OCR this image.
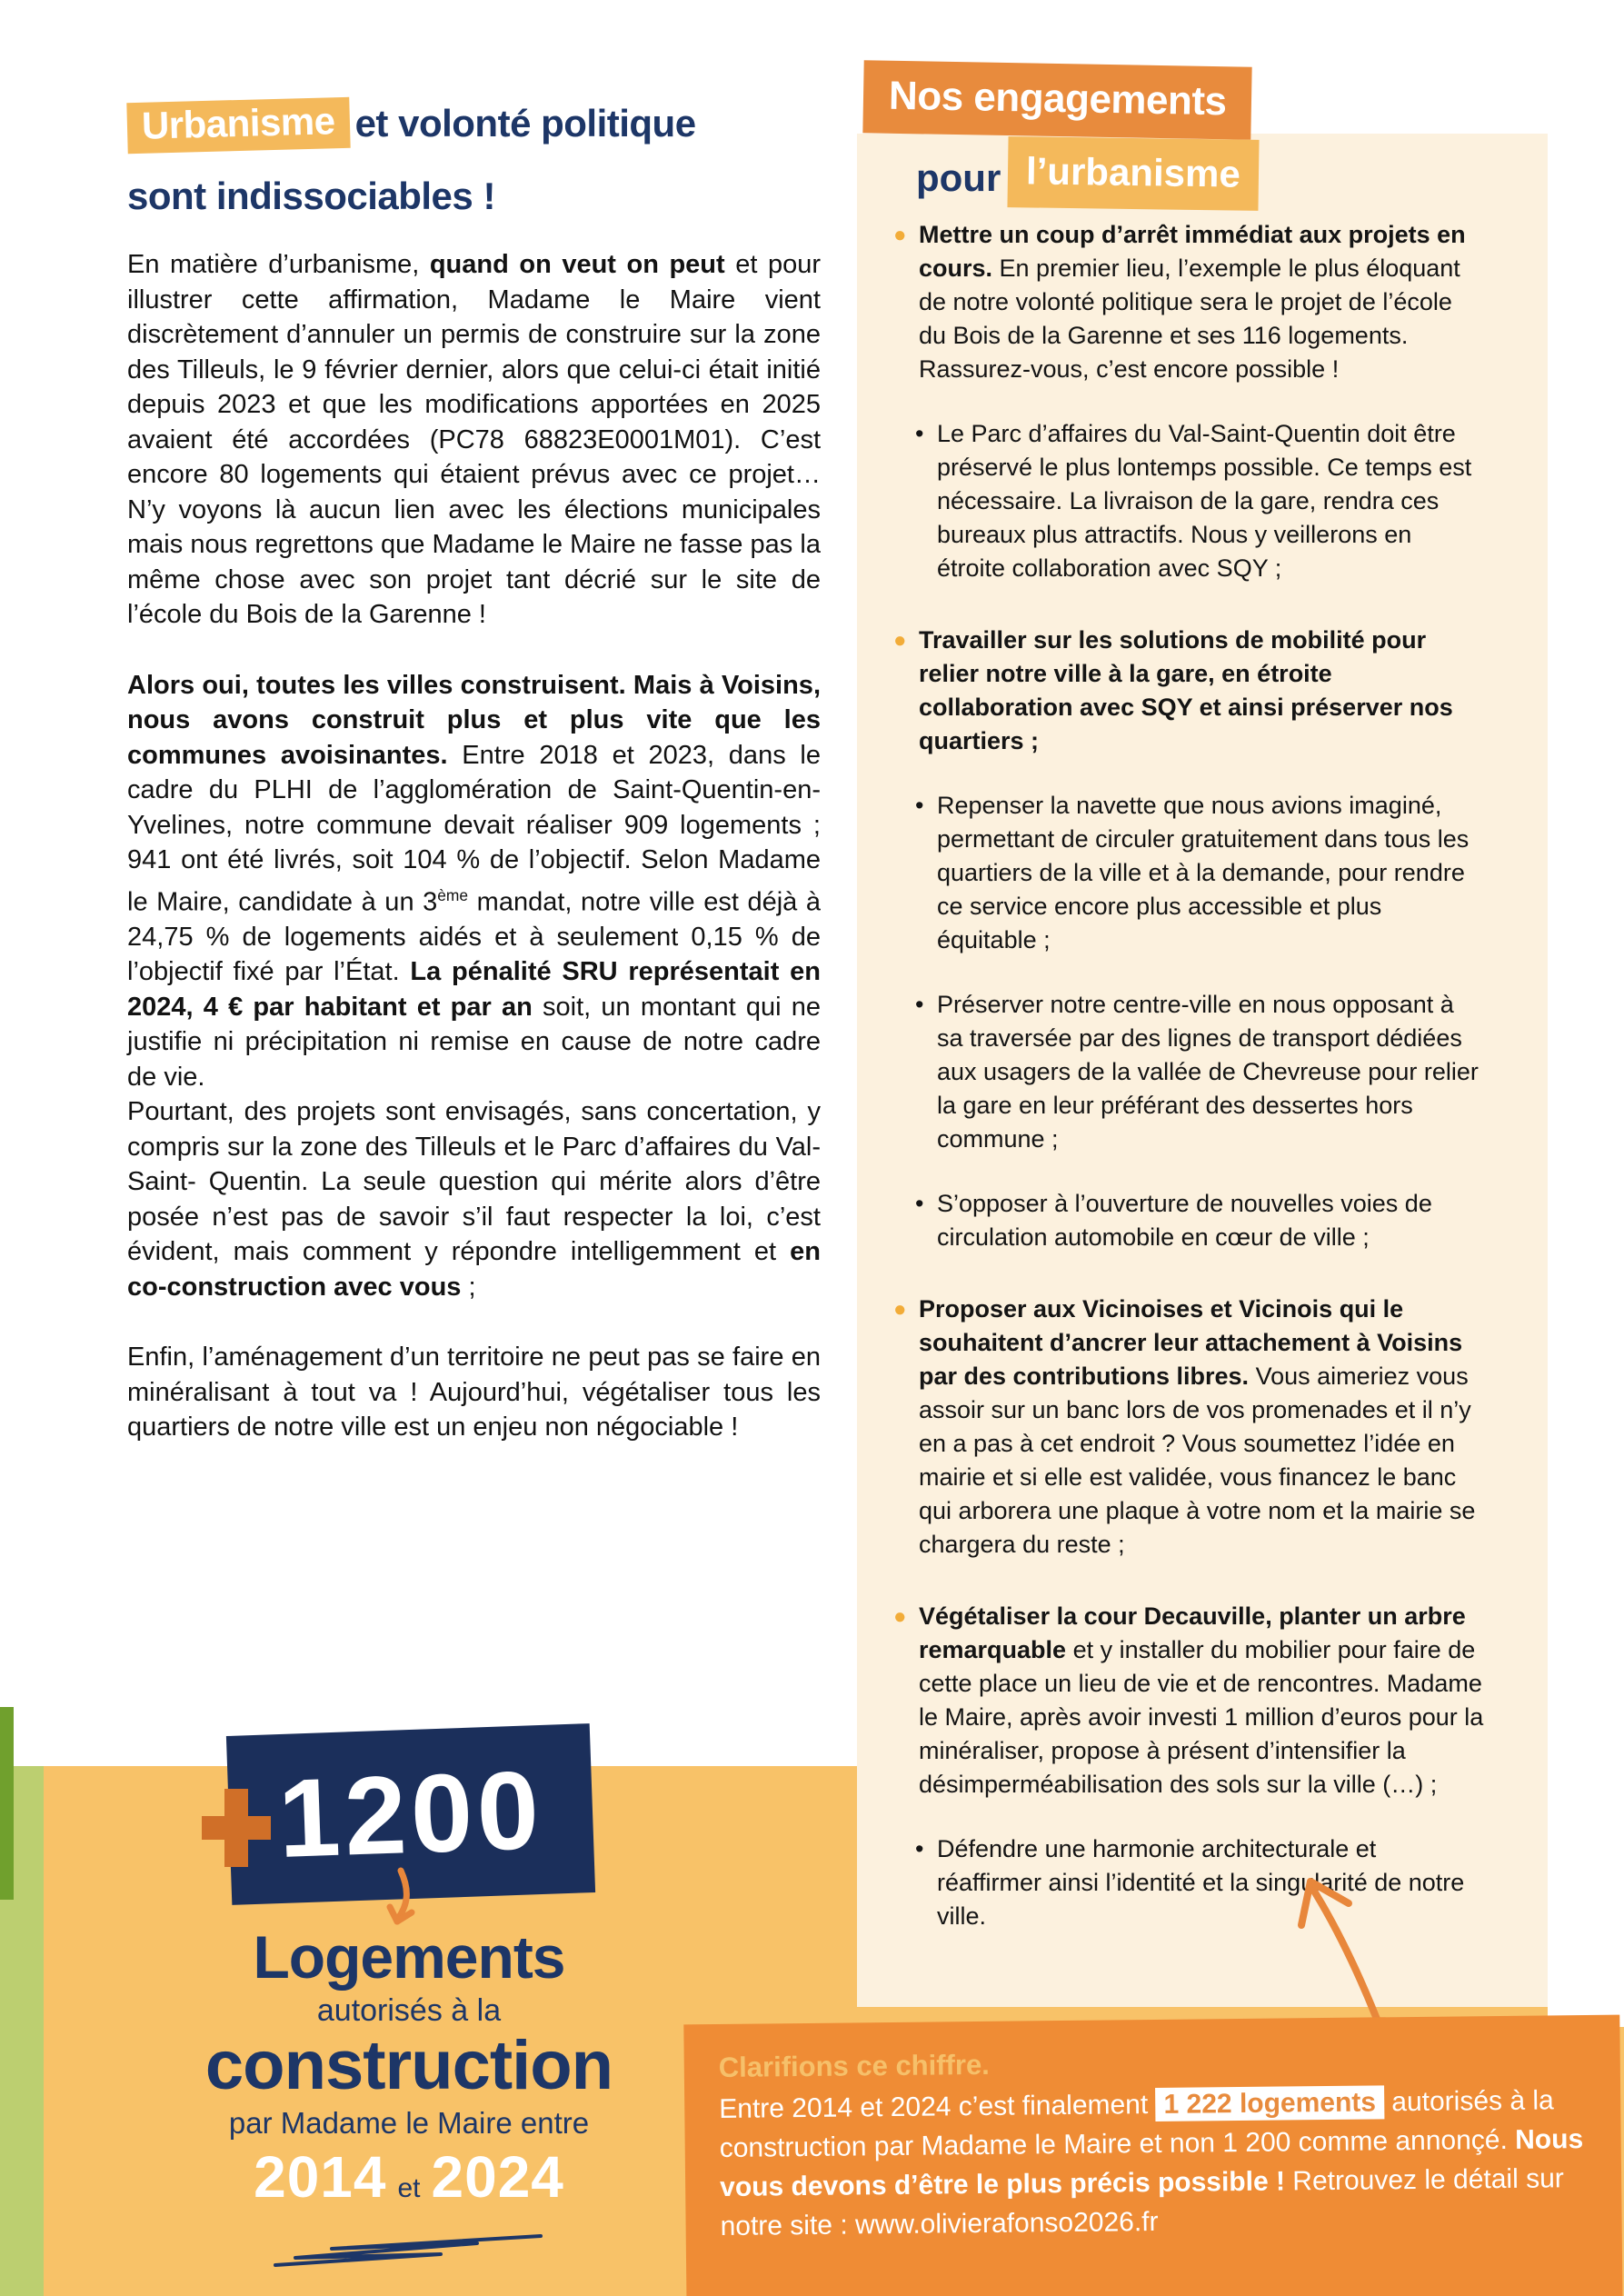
Urbanisme et volonté politique
sont indissociables !

En matière d’urbanisme, quand on veut on peut et pour illustrer cette affirmation, Madame le Maire vient discrètement d’annuler un permis de construire sur la zone des Tilleuls, le 9 février dernier, alors que celui-ci était initié depuis 2023 et que les modifications apportées en 2025 avaient été accordées (PC78 68823E0001M01). C’est encore 80 logements qui étaient prévus avec ce projet… N’y voyons là aucun lien avec les élections municipales mais nous regrettons que Madame le Maire ne fasse pas la même chose avec son projet tant décrié sur le site de l’école du Bois de la Garenne !

Alors oui, toutes les villes construisent. Mais à Voisins, nous avons construit plus et plus vite que les communes avoisinantes. Entre 2018 et 2023, dans le cadre du PLHI de l’agglomération de Saint-Quentin-en-Yvelines, notre commune devait réaliser 909 logements ; 941 ont été livrés, soit 104 % de l’objectif. Selon Madame le Maire, candidate à un 3ème mandat, notre ville est déjà à 24,75 % de logements aidés et à seulement 0,15 % de l’objectif fixé par l’État. La pénalité SRU représentait en 2024, 4 € par habitant et par an soit, un montant qui ne justifie ni précipitation ni remise en cause de notre cadre de vie.

Pourtant, des projets sont envisagés, sans concertation, y compris sur la zone des Tilleuls et le Parc d’affaires du Val-Saint- Quentin. La seule question qui mérite alors d’être posée n’est pas de savoir s’il faut respecter la loi, c’est évident, mais comment y répondre intelligemment et en co-construction avec vous ;

Enfin, l’aménagement d’un territoire ne peut pas se faire en minéralisant à tout va ! Aujourd’hui, végétaliser tous les quartiers de notre ville est un enjeu non négociable !

1200
Logements
autorisés à la
construction
par Madame le Maire entre
2014 et 2024
Nos engagements
pour l’urbanisme
● Mettre un coup d’arrêt immédiat aux projets en cours. En premier lieu, l’exemple le plus éloquant de notre volonté politique sera le projet de l’école du Bois de la Garenne et ses 116 logements. Rassurez-vous, c’est encore possible !
• Le Parc d’affaires du Val-Saint-Quentin doit être préservé le plus lontemps possible. Ce temps est nécessaire. La livraison de la gare, rendra ces bureaux plus attractifs. Nous y veillerons en étroite collaboration avec SQY ;
● Travailler sur les solutions de mobilité pour relier notre ville à la gare, en étroite collaboration avec SQY et ainsi préserver nos quartiers ;
• Repenser la navette que nous avions imaginé, permettant de circuler gratuitement dans tous les quartiers de la ville et à la demande, pour rendre ce service encore plus accessible et plus équitable ;
• Préserver notre centre-ville en nous opposant à sa traversée par des lignes de transport dédiées aux usagers de la vallée de Chevreuse pour relier la gare en leur préférant des dessertes hors commune ;
• S’opposer à l’ouverture de nouvelles voies de circulation automobile en cœur de ville ;
● Proposer aux Vicinoises et Vicinois qui le souhaitent d’ancrer leur attachement à Voisins par des contributions libres. Vous aimeriez vous assoir sur un banc lors de vos promenades et il n’y en a pas à cet endroit ? Vous soumettez l’idée en mairie et si elle est validée, vous financez le banc qui arborera une plaque à votre nom et la mairie se chargera du reste ;
● Végétaliser la cour Decauville, planter un arbre remarquable et y installer du mobilier pour faire de cette place un lieu de vie et de rencontres. Madame le Maire, après avoir investi 1 million d’euros pour la minéraliser, propose à présent d’intensifier la désimperméabilisation des sols sur la ville (…) ;
• Défendre une harmonie architecturale et réaffirmer ainsi l’identité et la singularité de notre ville.
Clarifions ce chiffre.

Entre 2014 et 2024 c’est finalement 1 222 logements autorisés à la construction par Madame le Maire et non 1 200 comme annonçé. Nous vous devons d’être le plus précis possible ! Retrouvez le détail sur notre site : www.olivierafonso2026.fr
